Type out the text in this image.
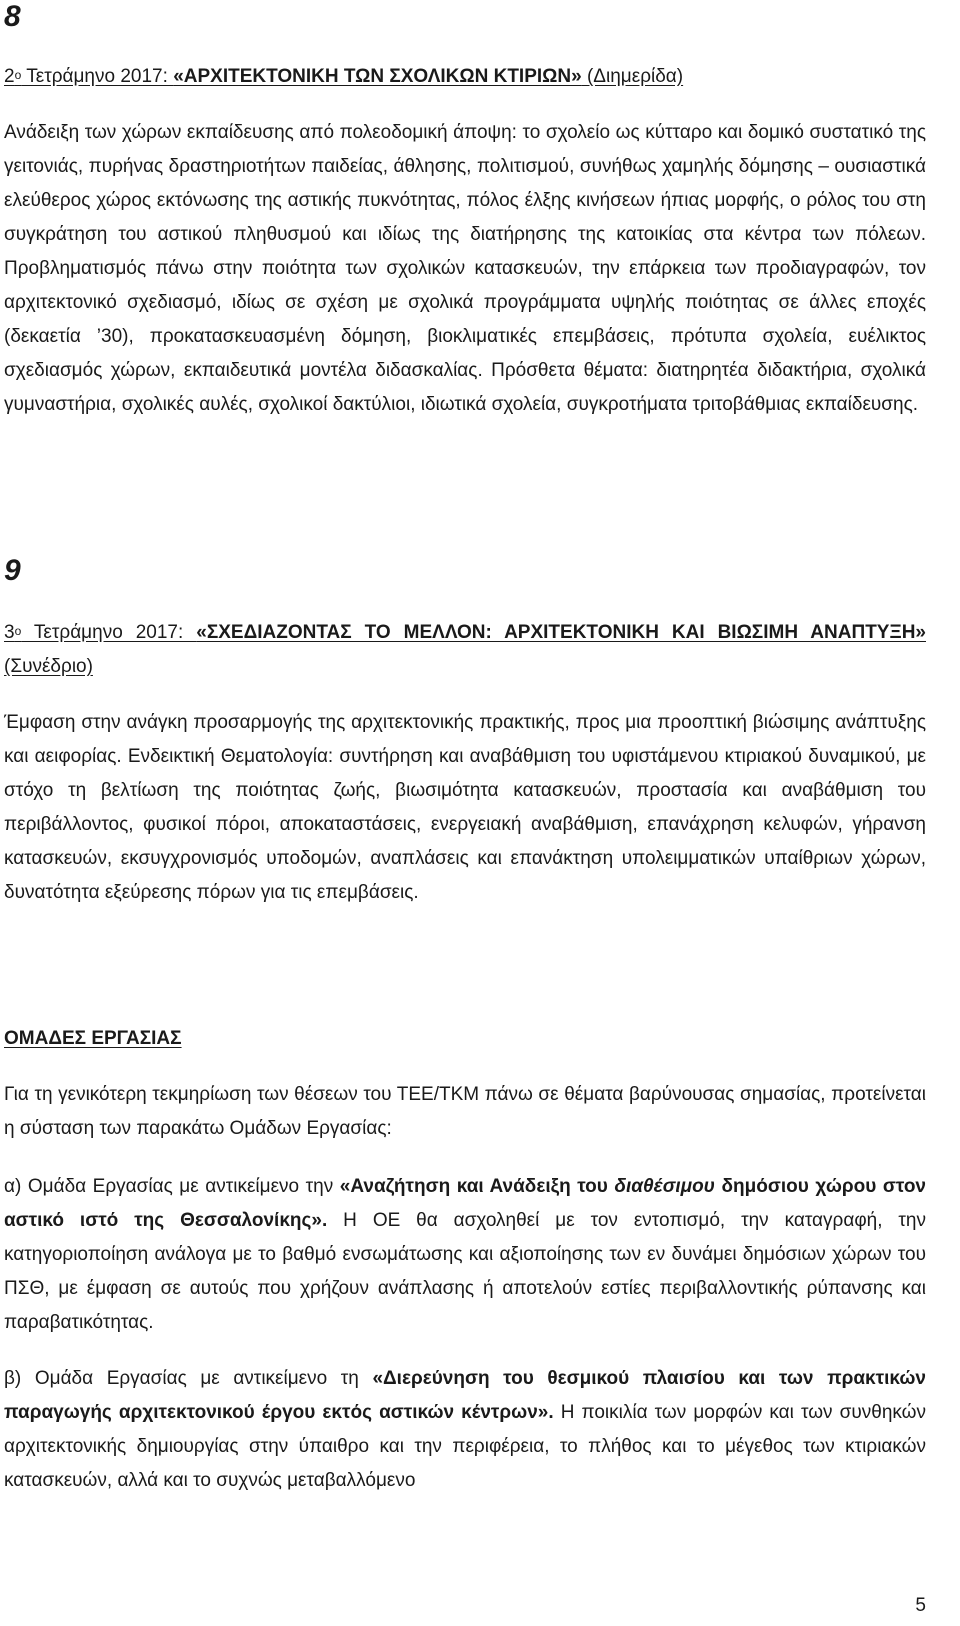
8

$2^o$ Τετράμηνο 2017: «ΑΡΧΙΤΕΚΤΟΝΙΚΗ ΤΩΝ ΣΧΟΛΙΚΩΝ ΚΤΙΡΙΩΝ» (Διημερίδα)

Ανάδειξη των χώρων εκπαίδευσης από πολεοδομική άποψη: το σχολείο ως κύτταρο και δομικό συστατικό της γειτονιάς, πυρήνας δραστηριοτήτων παιδείας, άθλησης, πολιτισμού, συνήθως χαμηλής δόμησης – ουσιαστικά ελεύθερος χώρος εκτόνωσης της αστικής πυκνότητας, πόλος έλξης κινήσεων ήπιας μορφής, ο ρόλος του στη συγκράτηση του αστικού πληθυσμού και ιδίως της διατήρησης της κατοικίας στα κέντρα των πόλεων. Προβληματισμός πάνω στην ποιότητα των σχολικών κατασκευών, την επάρκεια των προδιαγραφών, τον αρχιτεκτονικό σχεδιασμό, ιδίως σε σχέση με σχολικά προγράμματα υψηλής ποιότητας σε άλλες εποχές (δεκαετία ’30), προκατασκευασμένη δόμηση, βιοκλιματικές επεμβάσεις, πρότυπα σχολεία, ευέλικτος σχεδιασμός χώρων, εκπαιδευτικά μοντέλα διδασκαλίας. Πρόσθετα θέματα: διατηρητέα διδακτήρια, σχολικά γυμναστήρια, σχολικές αυλές, σχολικοί δακτύλιοι, ιδιωτικά σχολεία, συγκροτήματα τριτοβάθμιας εκπαίδευσης.

9

$3^o$ Τετράμηνο 2017: «ΣΧΕΔΙΑΖΟΝΤΑΣ ΤΟ ΜΕΛΛΟΝ: ΑΡΧΙΤΕΚΤΟΝΙΚΗ ΚΑΙ ΒΙΩΣΙΜΗ ΑΝΑΠΤΥΞΗ» (Συνέδριο)

Έμφαση στην ανάγκη προσαρμογής της αρχιτεκτονικής πρακτικής, προς μια προοπτική βιώσιμης ανάπτυξης και αειφορίας. Ενδεικτική Θεματολογία: συντήρηση και αναβάθμιση του υφιστάμενου κτιριακού δυναμικού, με στόχο τη βελτίωση της ποιότητας ζωής, βιωσιμότητα κατασκευών, προστασία και αναβάθμιση του περιβάλλοντος, φυσικοί πόροι, αποκαταστάσεις, ενεργειακή αναβάθμιση, επανάχρηση κελυφών, γήρανση κατασκευών, εκσυγχρονισμός υποδομών, αναπλάσεις και επανάκτηση υπολειμματικών υπαίθριων χώρων, δυνατότητα εξεύρεσης πόρων για τις επεμβάσεις.

ΟΜΑΔΕΣ ΕΡΓΑΣΙΑΣ

Για τη γενικότερη τεκμηρίωση των θέσεων του ΤΕΕ/ΤΚΜ πάνω σε θέματα βαρύνουσας σημασίας, προτείνεται η σύσταση των παρακάτω Ομάδων Εργασίας:

α) Ομάδα Εργασίας με αντικείμενο την «Αναζήτηση και Ανάδειξη του διαθέσιμου δημόσιου χώρου στον αστικό ιστό της Θεσσαλονίκης». Η ΟΕ θα ασχοληθεί με τον εντοπισμό, την καταγραφή, την κατηγοριοποίηση ανάλογα με το βαθμό ενσωμάτωσης και αξιοποίησης των εν δυνάμει δημόσιων χώρων του ΠΣΘ, με έμφαση σε αυτούς που χρήζουν ανάπλασης ή αποτελούν εστίες περιβαλλοντικής ρύπανσης και παραβατικότητας.

β) Ομάδα Εργασίας με αντικείμενο τη «Διερεύνηση του θεσμικού πλαισίου και των πρακτικών παραγωγής αρχιτεκτονικού έργου εκτός αστικών κέντρων». Η ποικιλία των μορφών και των συνθηκών αρχιτεκτονικής δημιουργίας στην ύπαιθρο και την περιφέρεια, το πλήθος και το μέγεθος των κτιριακών κατασκευών, αλλά και το συχνώς μεταβαλλόμενο

5
